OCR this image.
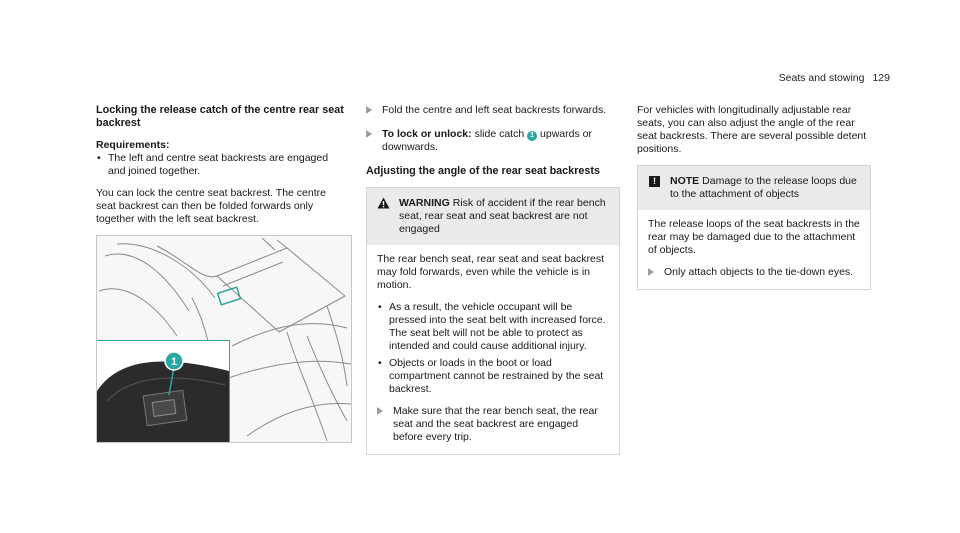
Seats and stowing 129
Locking the release catch of the centre rear seat backrest
Requirements:
• The left and centre seat backrests are engaged and joined together.

You can lock the centre seat backrest. The centre seat backrest can then be folded forwards only together with the left seat backrest.

1
Fold the centre and left seat backrests forwards.
To lock or unlock: slide catch 1 upwards or downwards.
Adjusting the angle of the rear seat backrests
WARNING Risk of accident if the rear bench seat, rear seat and seat backrest are not engaged

The rear bench seat, rear seat and seat backrest may fold forwards, even while the vehicle is in motion.

• As a result, the vehicle occupant will be pressed into the seat belt with increased force. The seat belt will not be able to protect as intended and could cause additional injury.
• Objects or loads in the boot or load compartment cannot be restrained by the seat backrest.
Make sure that the rear bench seat, the rear seat and the seat backrest are engaged before every trip.

For vehicles with longitudinally adjustable rear seats, you can also adjust the angle of the rear seat backrests. There are several possible detent positions.

!	NOTE Damage to the release loops due to the attachment of objects

The release loops of the seat backrests in the rear may be damaged due to the attachment of objects.

Only attach objects to the tie-down eyes.
